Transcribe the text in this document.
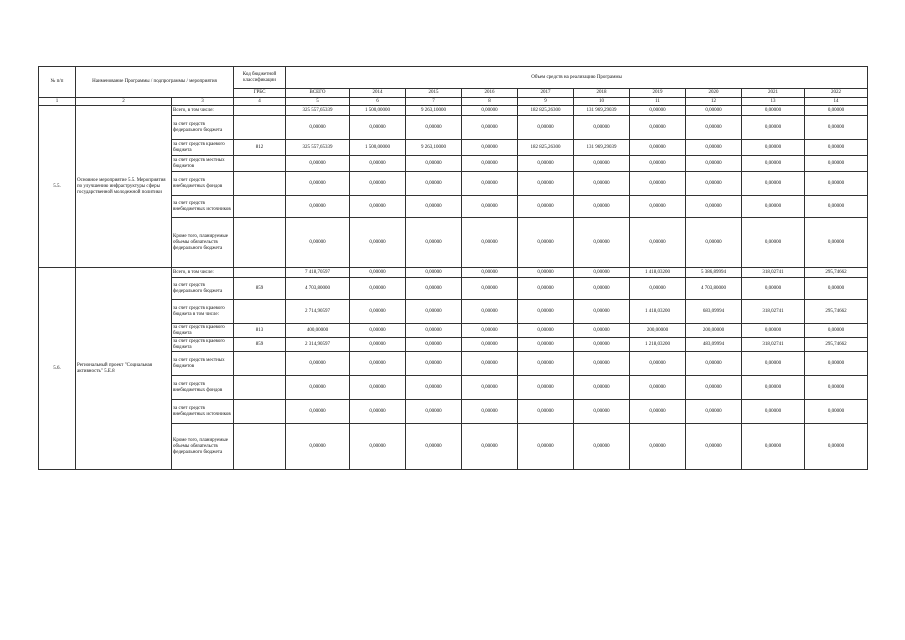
№ п/п	Наименование Программы / подпрограммы / мероприятия		Код бюджетной классификации	Объем средств на реализацию Программы									
			ГРБС	ВСЕГО	2014	2015	2016	2017	2018	2019	2020	2021	2022
1	2	3	4	5	6	7	8	9	10	11	12	13	14
5.5.	Основное мероприятие 5.5. Мероприятия по улучшению инфраструктуры сферы государственной молодежной политики	Всего, в том числе:		325 557,65339	1 500,00000	9 263,10000	0,00000	182 825,26300	131 969,29039	0,00000	0,00000	0,00000	0,00000
		за счет средств федерального бюджета		0,00000	0,00000	0,00000	0,00000	0,00000	0,00000	0,00000	0,00000	0,00000	0,00000
		за счет средств краевого бюджета	812	325 557,65339	1 500,00000	9 263,10000	0,00000	182 825,26300	131 969,29039	0,00000	0,00000	0,00000	0,00000
		за счет средств местных бюджетов		0,00000	0,00000	0,00000	0,00000	0,00000	0,00000	0,00000	0,00000	0,00000	0,00000
		за счет средств внебюджетных фондов		0,00000	0,00000	0,00000	0,00000	0,00000	0,00000	0,00000	0,00000	0,00000	0,00000
		за счет средств внебюджетных источников		0,00000	0,00000	0,00000	0,00000	0,00000	0,00000	0,00000	0,00000	0,00000	0,00000
		Кроме того, планируемые объемы обязательств федерального бюджета		0,00000	0,00000	0,00000	0,00000	0,00000	0,00000	0,00000	0,00000	0,00000	0,00000
5.6.	Региональный проект "Социальная активность" 5.Е.8	Всего, в том числе:		7 418,70597	0,00000	0,00000	0,00000	0,00000	0,00000	1 418,03200	5 386,89994	318,02741	295,74662
		за счет средств федерального бюджета	859	4 703,80000	0,00000	0,00000	0,00000	0,00000	0,00000	0,00000	4 703,80000	0,00000	0,00000
		за счет средств краевого бюджета в том числе:		2 714,90597	0,00000	0,00000	0,00000	0,00000	0,00000	1 418,03200	683,09994	318,02741	295,74662
		за счет средств краевого бюджета	813	400,00000	0,00000	0,00000	0,00000	0,00000	0,00000	200,00000	200,00000	0,00000	0,00000
		за счет средств краевого бюджета	859	2 314,90597	0,00000	0,00000	0,00000	0,00000	0,00000	1 218,03200	483,09994	318,02741	295,74662
		за счет средств местных бюджетов		0,00000	0,00000	0,00000	0,00000	0,00000	0,00000	0,00000	0,00000	0,00000	0,00000
		за счет средств внебюджетных фондов		0,00000	0,00000	0,00000	0,00000	0,00000	0,00000	0,00000	0,00000	0,00000	0,00000
		за счет средств внебюджетных источников		0,00000	0,00000	0,00000	0,00000	0,00000	0,00000	0,00000	0,00000	0,00000	0,00000
		Кроме того, планируемые объемы обязательств федерального бюджета		0,00000	0,00000	0,00000	0,00000	0,00000	0,00000	0,00000	0,00000	0,00000	0,00000
